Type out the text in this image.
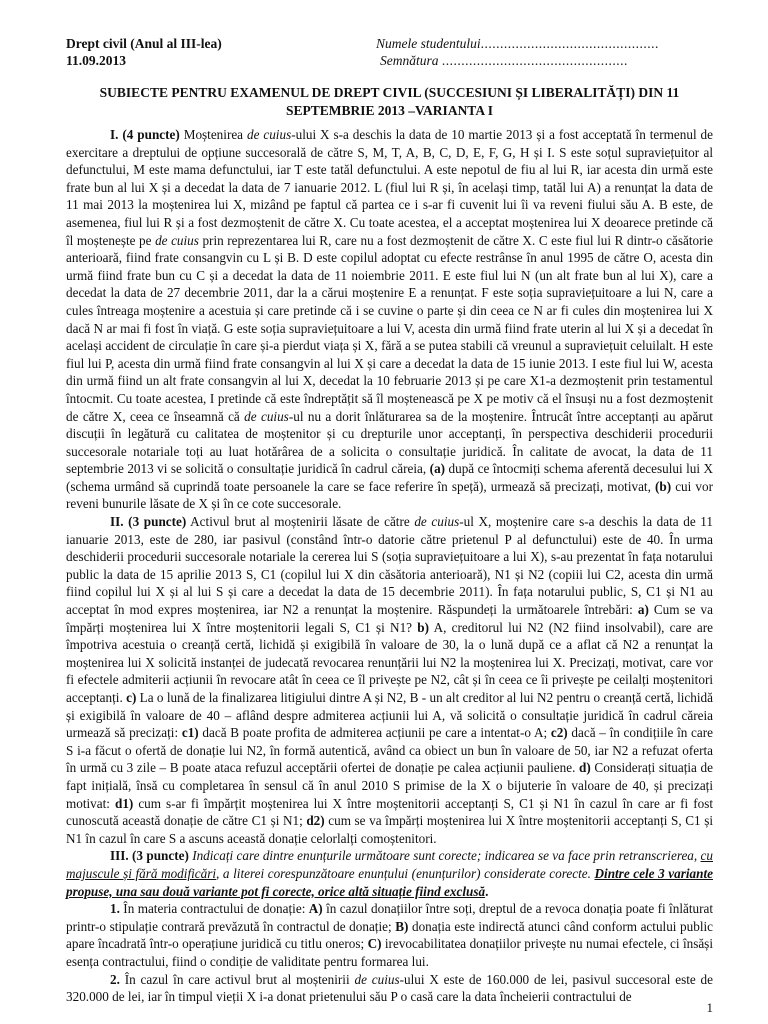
Drept civil (Anul al III-lea)
11.09.2013
Numele studentului..............................................
Semnătura ................................................
SUBIECTE PENTRU EXAMENUL DE DREPT CIVIL (SUCCESIUNI ȘI LIBERALITĂȚI) DIN 11 SEPTEMBRIE 2013 –VARIANTA I

I. (4 puncte) Moștenirea de cuius-ului X s-a deschis la data de 10 martie 2013 și a fost acceptată în termenul de exercitare a dreptului de opțiune succesorală de către S, M, T, A, B, C, D, E, F, G, H și I. S este soțul supraviețuitor al defunctului, M este mama defunctului, iar T este tatăl defunctului. A este nepotul de fiu al lui R, iar acesta din urmă este frate bun al lui X și a decedat la data de 7 ianuarie 2012. L (fiul lui R și, în același timp, tatăl lui A) a renunțat la data de 11 mai 2013 la moștenirea lui X, mizând pe faptul că partea ce i s-ar fi cuvenit lui îi va reveni fiului său A. B este, de asemenea, fiul lui R și a fost dezmoștenit de către X. Cu toate acestea, el a acceptat moștenirea lui X deoarece pretinde că îl moștenește pe de cuius prin reprezentarea lui R, care nu a fost dezmoștenit de către X. C este fiul lui R dintr-o căsătorie anterioară, fiind frate consangvin cu L și B. D este copilul adoptat cu efecte restrânse în anul 1995 de către O, acesta din urmă fiind frate bun cu C și a decedat la data de 11 noiembrie 2011. E este fiul lui N (un alt frate bun al lui X), care a decedat la data de 27 decembrie 2011, dar la a cărui moștenire E a renunțat. F este soția supraviețuitoare a lui N, care a cules întreaga moștenire a acestuia și care pretinde că i se cuvine o parte și din ceea ce N ar fi cules din moștenirea lui X dacă N ar mai fi fost în viață. G este soția supraviețuitoare a lui V, acesta din urmă fiind frate uterin al lui X și a decedat în același accident de circulație în care și-a pierdut viața și X, fără a se putea stabili că vreunul a supraviețuit celuilalt. H este fiul lui P, acesta din urmă fiind frate consangvin al lui X și care a decedat la data de 15 iunie 2013. I este fiul lui W, acesta din urmă fiind un alt frate consangvin al lui X, decedat la 10 februarie 2013 și pe care X1-a dezmoștenit prin testamentul întocmit. Cu toate acestea, I pretinde că este îndreptățit să îl moștenească pe X pe motiv că el însuși nu a fost dezmoștenit de către X, ceea ce înseamnă că de cuius-ul nu a dorit înlăturarea sa de la moștenire. Întrucât între acceptanți au apărut discuții în legătură cu calitatea de moștenitor și cu drepturile unor acceptanți, în perspectiva deschiderii procedurii succesorale notariale toți au luat hotărârea de a solicita o consultație juridică. În calitate de avocat, la data de 11 septembrie 2013 vi se solicită o consultație juridică în cadrul căreia, (a) după ce întocmiți schema aferentă decesului lui X (schema urmând să cuprindă toate persoanele la care se face referire în speță), urmează să precizați, motivat, (b) cui vor reveni bunurile lăsate de X și în ce cote succesorale.

II. (3 puncte) Activul brut al moștenirii lăsate de către de cuius-ul X, moștenire care s-a deschis la data de 11 ianuarie 2013, este de 280, iar pasivul (constând într-o datorie către prietenul P al defunctului) este de 40. În urma deschiderii procedurii succesorale notariale la cererea lui S (soția supraviețuitoare a lui X), s-au prezentat în fața notarului public la data de 15 aprilie 2013 S, C1 (copilul lui X din căsătoria anterioară), N1 și N2 (copiii lui C2, acesta din urmă fiind copilul lui X și al lui S și care a decedat la data de 15 decembrie 2011). În fața notarului public, S, C1 și N1 au acceptat în mod expres moștenirea, iar N2 a renunțat la moștenire. Răspundeți la următoarele întrebări: a) Cum se va împărți moștenirea lui X între moștenitorii legali S, C1 și N1? b) A, creditorul lui N2 (N2 fiind insolvabil), care are împotriva acestuia o creanță certă, lichidă și exigibilă în valoare de 30, la o lună după ce a aflat că N2 a renunțat la moștenirea lui X solicită instanței de judecată revocarea renunțării lui N2 la moștenirea lui X. Precizați, motivat, care vor fi efectele admiterii acțiunii în revocare atât în ceea ce îl privește pe N2, cât și în ceea ce îi privește pe ceilalți moștenitori acceptanți. c) La o lună de la finalizarea litigiului dintre A și N2, B - un alt creditor al lui N2 pentru o creanță certă, lichidă și exigibilă în valoare de 40 – aflând despre admiterea acțiunii lui A, vă solicită o consultație juridică în cadrul căreia urmează să precizați: c1) dacă B poate profita de admiterea acțiunii pe care a intentat-o A; c2) dacă – în condițiile în care S i-a făcut o ofertă de donație lui N2, în formă autentică, având ca obiect un bun în valoare de 50, iar N2 a refuzat oferta în urmă cu 3 zile – B poate ataca refuzul acceptării ofertei de donație pe calea acțiunii pauliene. d) Considerați situația de fapt inițială, însă cu completarea în sensul că în anul 2010 S primise de la X o bijuterie în valoare de 40, și precizați motivat: d1) cum s-ar fi împărțit moștenirea lui X între moștenitorii acceptanți S, C1 și N1 în cazul în care ar fi fost cunoscută această donație de către C1 și N1; d2) cum se va împărți moștenirea lui X între moștenitorii acceptanți S, C1 și N1 în cazul în care S a ascuns această donație celorlalți comoștenitori.

III. (3 puncte) Indicați care dintre enunțurile următoare sunt corecte; indicarea se va face prin retranscrierea, cu majuscule și fără modificări, a literei corespunzătoare enunțului (enunțurilor) considerate corecte. Dintre cele 3 variante propuse, una sau două variante pot fi corecte, orice altă situație fiind exclusă.

1. În materia contractului de donație: A) în cazul donațiilor între soți, dreptul de a revoca donația poate fi înlăturat printr-o stipulație contrară prevăzută în contractul de donație; B) donația este indirectă atunci când conform actului public apare încadrată într-o operațiune juridică cu titlu oneros; C) irevocabilitatea donațiilor privește nu numai efectele, ci însăși esența contractului, fiind o condiție de validitate pentru formarea lui.

2. În cazul în care activul brut al moștenirii de cuius-ului X este de 160.000 de lei, pasivul succesoral este de 320.000 de lei, iar în timpul vieții X i-a donat prietenului său P o casă care la data încheierii contractului de

1
